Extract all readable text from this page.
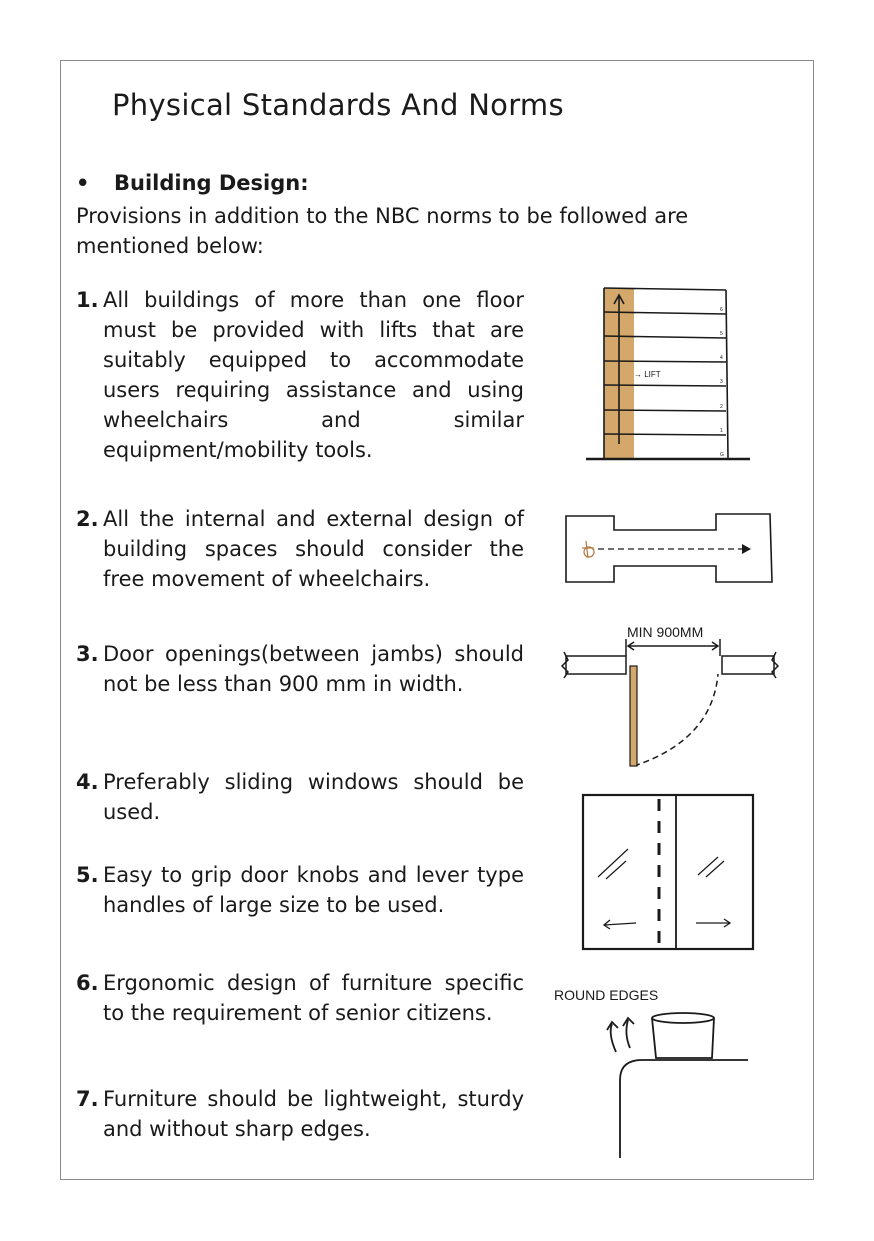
Physical Standards And Norms
• Building Design:
Provisions in addition to the NBC norms to be followed are mentioned below:
1. All buildings of more than one floor must be provided with lifts that are suitably equipped to accommodate users requiring assistance and using wheelchairs and similar equipment/mobility tools.
2. All the internal and external design of building spaces should consider the free movement of wheelchairs.
3. Door openings(between jambs) should not be less than 900 mm in width.
4. Preferably sliding windows should be used.
5. Easy to grip door knobs and lever type handles of large size to be used.
6. Ergonomic design of furniture specific to the requirement of senior citizens.
7. Furniture should be lightweight, sturdy and without sharp edges.
→ LIFT
G
1
2
3
4
5
6
MIN 900MM
ROUND EDGES
